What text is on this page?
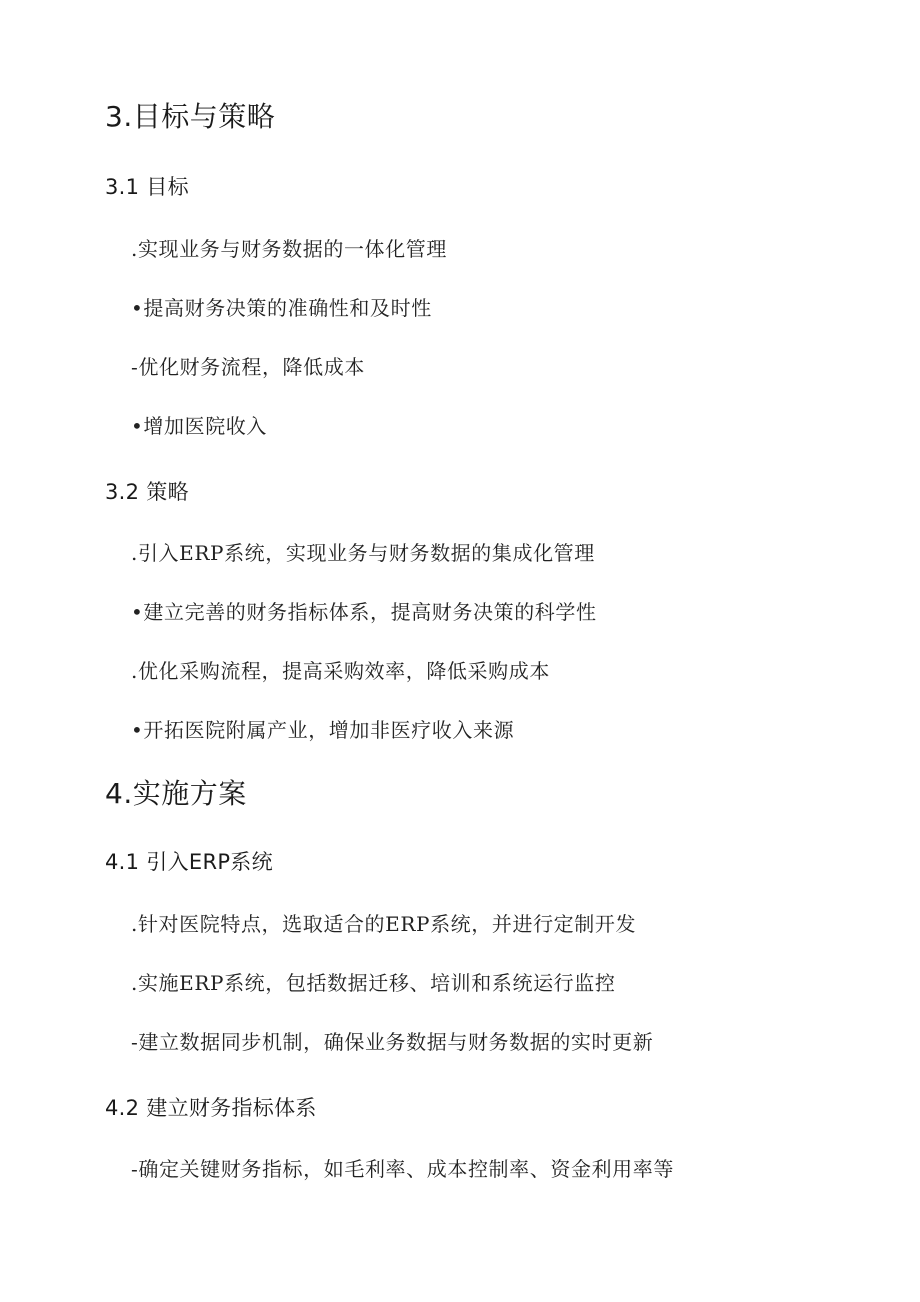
3.目标与策略
3.1 目标
.实现业务与财务数据的一体化管理
•提高财务决策的准确性和及时性
-优化财务流程，降低成本
•增加医院收入
3.2 策略
.引入ERP系统，实现业务与财务数据的集成化管理
•建立完善的财务指标体系，提高财务决策的科学性
.优化采购流程，提高采购效率，降低采购成本
•开拓医院附属产业，增加非医疗收入来源
4.实施方案
4.1 引入ERP系统
.针对医院特点，选取适合的ERP系统，并进行定制开发
.实施ERP系统，包括数据迁移、培训和系统运行监控
-建立数据同步机制，确保业务数据与财务数据的实时更新
4.2 建立财务指标体系
-确定关键财务指标，如毛利率、成本控制率、资金利用率等
